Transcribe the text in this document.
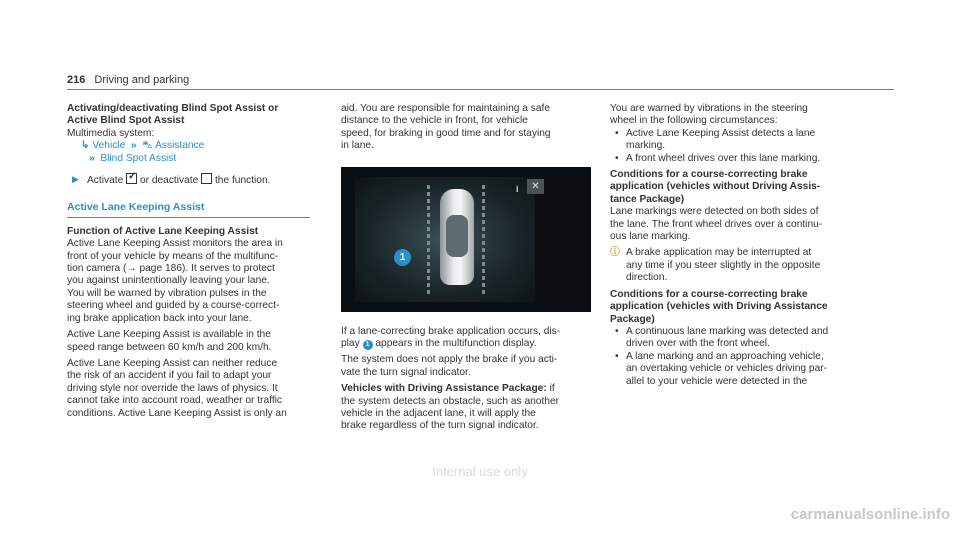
216 Driving and parking

Activating/deactivating Blind Spot Assist or

Active Blind Spot Assist

Multimedia system:

↳ Vehicle  »  ⛍ Assistance

»  Blind Spot Assist

▶ Activate ✓ or deactivate the function.

Active Lane Keeping Assist

Function of Active Lane Keeping Assist

Active Lane Keeping Assist monitors the area in

front of your vehicle by means of the multifunc-

tion camera (→ page 186). It serves to protect

you against unintentionally leaving your lane.

You will be warned by vibration pulses in the

steering wheel and guided by a course-correct-

ing brake application back into your lane.

Active Lane Keeping Assist is available in the

speed range between 60 km/h and 200 km/h.

Active Lane Keeping Assist can neither reduce

the risk of an accident if you fail to adapt your

driving style nor override the laws of physics. It

cannot take into account road, weather or traffic

conditions. Active Lane Keeping Assist is only an

aid. You are responsible for maintaining a safe

distance to the vehicle in front, for vehicle

speed, for braking in good time and for staying

in lane.

1
i	✕

If a lane-correcting brake application occurs, dis-

play 1 appears in the multifunction display.

The system does not apply the brake if you acti-

vate the turn signal indicator.

Vehicles with Driving Assistance Package: if

the system detects an obstacle, such as another

vehicle in the adjacent lane, it will apply the

brake regardless of the turn signal indicator.

You are warned by vibrations in the steering

wheel in the following circumstances:

• Active Lane Keeping Assist detects a lane

marking.

• A front wheel drives over this lane marking.

Conditions for a course-correcting brake

application (vehicles without Driving Assis-

tance Package)

Lane markings were detected on both sides of

the lane. The front wheel drives over a continu-

ous lane marking.

ⓘ A brake application may be interrupted at

any time if you steer slightly in the opposite

direction.

Conditions for a course-correcting brake

application (vehicles with Driving Assistance

Package)

• A continuous lane marking was detected and

driven over with the front wheel.

• A lane marking and an approaching vehicle,

an overtaking vehicle or vehicles driving par-

allel to your vehicle were detected in the

Internal use only
carmanualsonline.info
